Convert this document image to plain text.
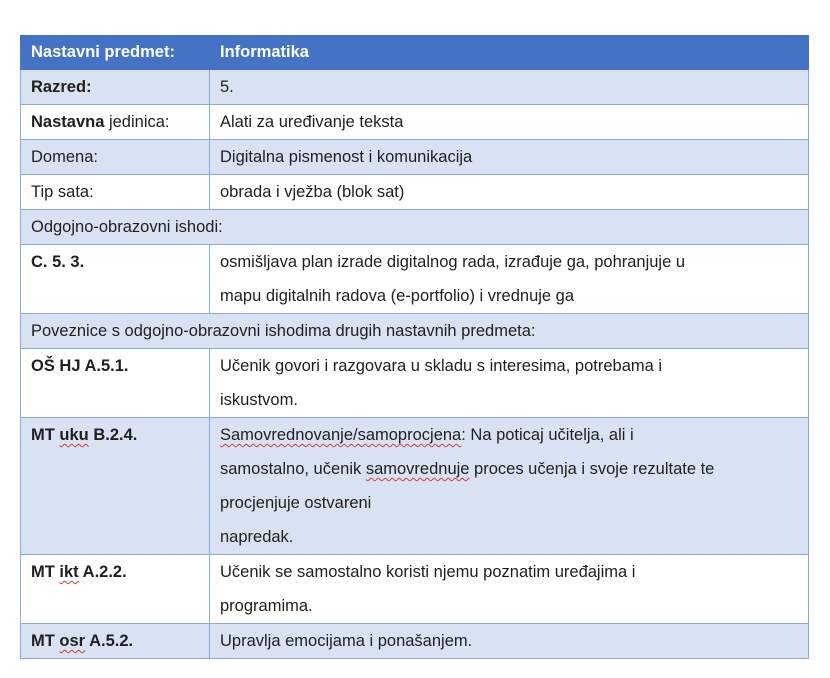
Nastavni predmet:	Informatika
Razred:	5.
Nastavna jedinica:	Alati za uređivanje teksta
Domena:	Digitalna pismenost i komunikacija
Tip sata:	obrada i vježba (blok sat)
Odgojno-obrazovni ishodi:	
C. 5. 3.	osmišljava plan izrade digitalnog rada, izrađuje ga, pohranjuje u
mapu digitalnih radova (e-portfolio) i vrednuje ga

Poveznice s odgojno-obrazovni ishodima drugih nastavnih predmeta:	
OŠ HJ A.5.1.	Učenik govori i razgovara u skladu s interesima, potrebama i
iskustvom.

MT uku B.2.4.	Samovrednovanje/samoprocjena: Na poticaj učitelja, ali i
samostalno, učenik samovrednuje proces učenja i svoje rezultate te
procjenjuje ostvareni
napredak.

MT ikt A.2.2.	Učenik se samostalno koristi njemu poznatim uređajima i
programima.

MT osr A.5.2.	Upravlja emocijama i ponašanjem.
